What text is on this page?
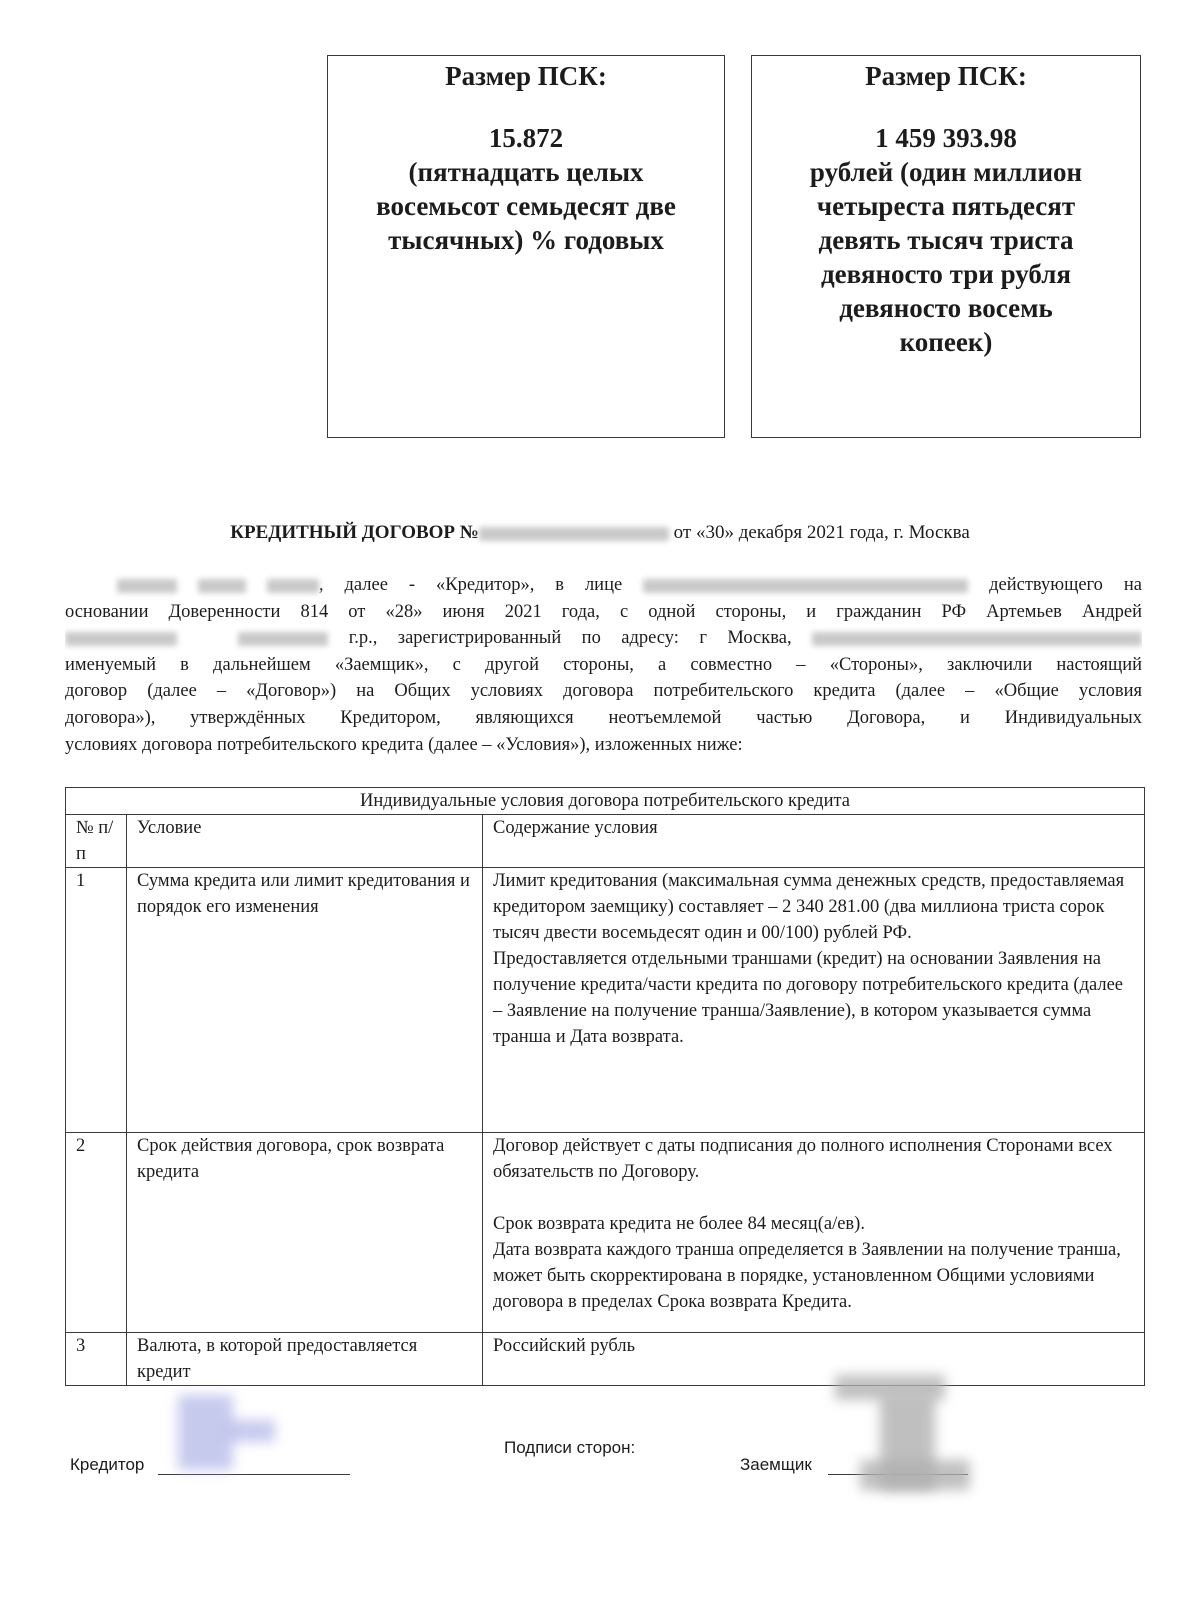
Размер ПСК:
15.872
(пятнадцать целых
восемьсот семьдесят две
тысячных) % годовых
Размер ПСК:
1 459 393.98
рублей (один миллион
четыреста пятьдесят
девять тысяч триста
девяносто три рубля
девяносто восемь
копеек)
КРЕДИТНЫЙ ДОГОВОР №	от «30» декабря 2021 года, г. Москва
, далее - «Кредитор», в лице	действующего на
основании Доверенности 814 от «28» июня 2021 года, с одной стороны, и гражданин РФ Артемьев Андрей
г.р., зарегистрированный по адресу: г Москва,
именуемый в дальнейшем «Заемщик», с другой стороны, а совместно – «Стороны», заключили настоящий
договор (далее – «Договор») на Общих условиях договора потребительского кредита (далее – «Общие условия
договора»), утверждённых Кредитором, являющихся неотъемлемой частью Договора, и Индивидуальных
условиях договора потребительского кредита (далее – «Условия»), изложенных ниже:
Индивидуальные условия договора потребительского кредита		
№ п/п	Условие	Содержание условия
1	Сумма кредита или лимит кредитования и порядок его изменения	Лимит кредитования (максимальная сумма денежных средств, предоставляемая кредитором заемщику) составляет – 2 340 281.00 (два миллиона триста сорок тысяч двести восемьдесят один и 00/100) рублей РФ.
Предоставляется отдельными траншами (кредит) на основании Заявления на получение кредита/части кредита по договору потребительского кредита (далее – Заявление на получение транша/Заявление), в котором указывается сумма транша и Дата возврата.

2	Срок действия договора, срок возврата кредита	Договор действует с даты подписания до полного исполнения Сторонами всех обязательств по Договору.
Срок возврата кредита не более 84 месяц(а/ев).
Дата возврата каждого транша определяется в Заявлении на получение транша, может быть скорректирована в порядке, установленном Общими условиями договора в пределах Срока возврата Кредита.

3	Валюта, в которой предоставляется кредит	Российский рубль
Подписи сторон:
Кредитор	Заемщик
